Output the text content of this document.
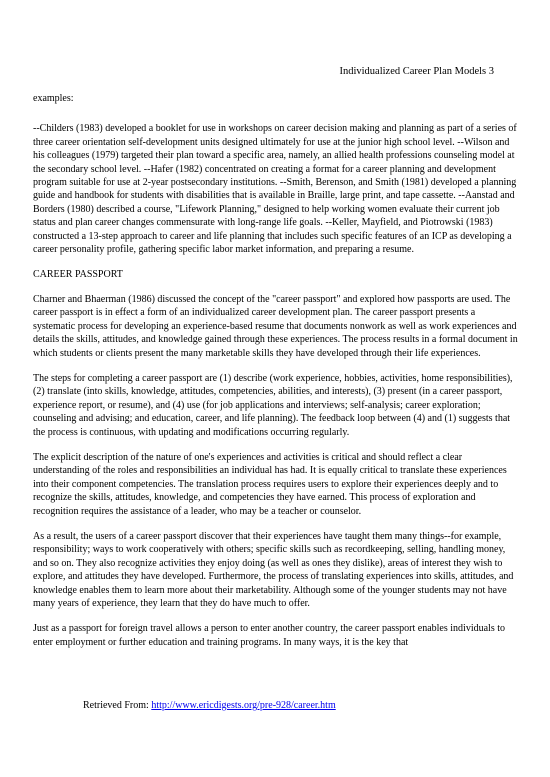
Individualized Career Plan Models 3

examples:

--Childers (1983) developed a booklet for use in workshops on career decision making and planning as part of a series of three career orientation self-development units designed ultimately for use at the junior high school level. --Wilson and his colleagues (1979) targeted their plan toward a specific area, namely, an allied health professions counseling model at the secondary school level. --Hafer (1982) concentrated on creating a format for a career planning and development program suitable for use at 2-year postsecondary institutions. --Smith, Berenson, and Smith (1981) developed a planning guide and handbook for students with disabilities that is available in Braille, large print, and tape cassette. --Aanstad and Borders (1980) described a course, "Lifework Planning," designed to help working women evaluate their current job status and plan career changes commensurate with long-range life goals. --Keller, Mayfield, and Piotrowski (1983) constructed a 13-step approach to career and life planning that includes such specific features of an ICP as developing a career personality profile, gathering specific labor market information, and preparing a resume.

CAREER PASSPORT

Charner and Bhaerman (1986) discussed the concept of the "career passport" and explored how passports are used. The career passport is in effect a form of an individualized career development plan. The career passport presents a systematic process for developing an experience-based resume that documents nonwork as well as work experiences and details the skills, attitudes, and knowledge gained through these experiences. The process results in a formal document in which students or clients present the many marketable skills they have developed through their life experiences.

The steps for completing a career passport are (1) describe (work experience, hobbies, activities, home responsibilities), (2) translate (into skills, knowledge, attitudes, competencies, abilities, and interests), (3) present (in a career passport, experience report, or resume), and (4) use (for job applications and interviews; self-analysis; career exploration; counseling and advising; and education, career, and life planning). The feedback loop between (4) and (1) suggests that the process is continuous, with updating and modifications occurring regularly.

The explicit description of the nature of one's experiences and activities is critical and should reflect a clear understanding of the roles and responsibilities an individual has had. It is equally critical to translate these experiences into their component competencies. The translation process requires users to explore their experiences deeply and to recognize the skills, attitudes, knowledge, and competencies they have earned. This process of exploration and recognition requires the assistance of a leader, who may be a teacher or counselor.

As a result, the users of a career passport discover that their experiences have taught them many things--for example, responsibility; ways to work cooperatively with others; specific skills such as recordkeeping, selling, handling money, and so on. They also recognize activities they enjoy doing (as well as ones they dislike), areas of interest they wish to explore, and attitudes they have developed. Furthermore, the process of translating experiences into skills, attitudes, and knowledge enables them to learn more about their marketability. Although some of the younger students may not have many years of experience, they learn that they do have much to offer.

Just as a passport for foreign travel allows a person to enter another country, the career passport enables individuals to enter employment or further education and training programs. In many ways, it is the key that

Retrieved From: http://www.ericdigests.org/pre-928/career.htm
